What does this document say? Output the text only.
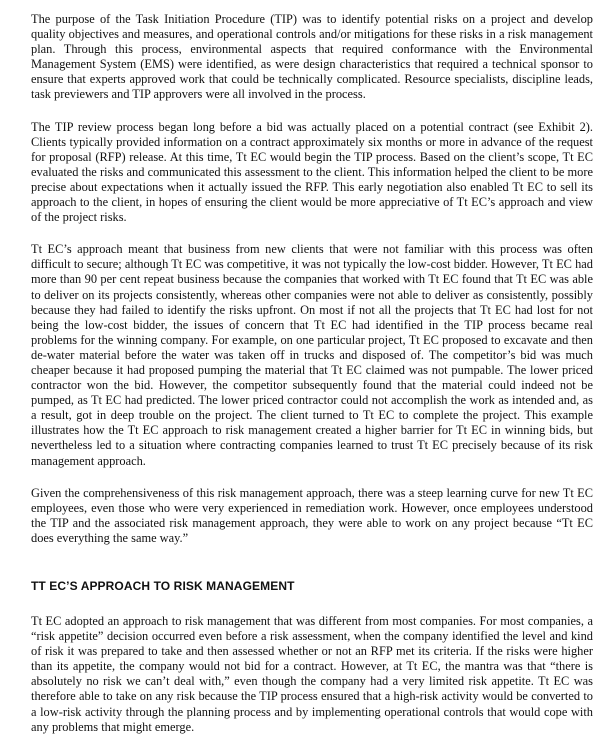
The purpose of the Task Initiation Procedure (TIP) was to identify potential risks on a project and develop quality objectives and measures, and operational controls and/or mitigations for these risks in a risk management plan. Through this process, environmental aspects that required conformance with the Environmental Management System (EMS) were identified, as were design characteristics that required a technical sponsor to ensure that experts approved work that could be technically complicated. Resource specialists, discipline leads, task previewers and TIP approvers were all involved in the process.

The TIP review process began long before a bid was actually placed on a potential contract (see Exhibit 2). Clients typically provided information on a contract approximately six months or more in advance of the request for proposal (RFP) release. At this time, Tt EC would begin the TIP process. Based on the client’s scope, Tt EC evaluated the risks and communicated this assessment to the client. This information helped the client to be more precise about expectations when it actually issued the RFP. This early negotiation also enabled Tt EC to sell its approach to the client, in hopes of ensuring the client would be more appreciative of Tt EC’s approach and view of the project risks.

Tt EC’s approach meant that business from new clients that were not familiar with this process was often difficult to secure; although Tt EC was competitive, it was not typically the low-cost bidder. However, Tt EC had more than 90 per cent repeat business because the companies that worked with Tt EC found that Tt EC was able to deliver on its projects consistently, whereas other companies were not able to deliver as consistently, possibly because they had failed to identify the risks upfront. On most if not all the projects that Tt EC had lost for not being the low-cost bidder, the issues of concern that Tt EC had identified in the TIP process became real problems for the winning company. For example, on one particular project, Tt EC proposed to excavate and then de-water material before the water was taken off in trucks and disposed of. The competitor’s bid was much cheaper because it had proposed pumping the material that Tt EC claimed was not pumpable. The lower priced contractor won the bid. However, the competitor subsequently found that the material could indeed not be pumped, as Tt EC had predicted. The lower priced contractor could not accomplish the work as intended and, as a result, got in deep trouble on the project. The client turned to Tt EC to complete the project. This example illustrates how the Tt EC approach to risk management created a higher barrier for Tt EC in winning bids, but nevertheless led to a situation where contracting companies learned to trust Tt EC precisely because of its risk management approach.

Given the comprehensiveness of this risk management approach, there was a steep learning curve for new Tt EC employees, even those who were very experienced in remediation work. However, once employees understood the TIP and the associated risk management approach, they were able to work on any project because “Tt EC does everything the same way.”

TT EC’S APPROACH TO RISK MANAGEMENT

Tt EC adopted an approach to risk management that was different from most companies. For most companies, a “risk appetite” decision occurred even before a risk assessment, when the company identified the level and kind of risk it was prepared to take and then assessed whether or not an RFP met its criteria. If the risks were higher than its appetite, the company would not bid for a contract. However, at Tt EC, the mantra was that “there is absolutely no risk we can’t deal with,” even though the company had a very limited risk appetite. Tt EC was therefore able to take on any risk because the TIP process ensured that a high-risk activity would be converted to a low-risk activity through the planning process and by implementing operational controls that would cope with any problems that might emerge.
